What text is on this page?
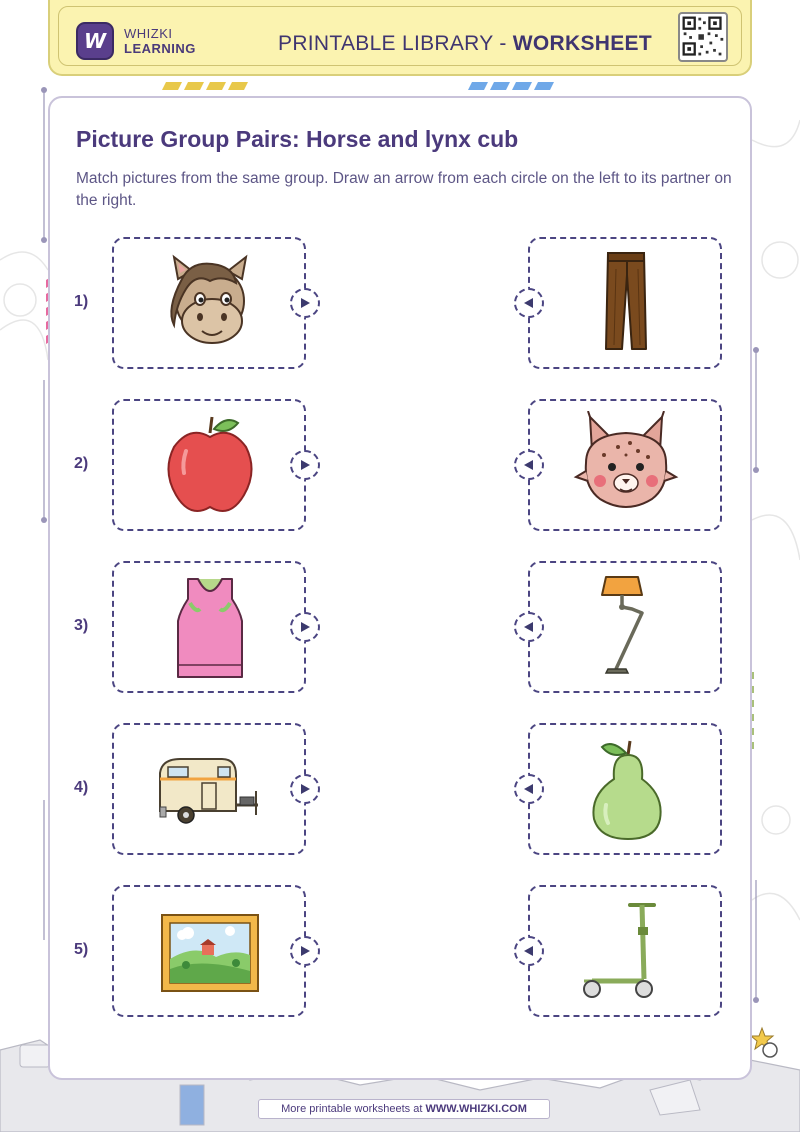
W WHIZKI
LEARNING	PRINTABLE LIBRARY - WORKSHEET
Picture Group Pairs: Horse and lynx cub

Match pictures from the same group. Draw an arrow from each circle on the left to its partner on the right.

1)
2)
3)
4)
5)
More printable worksheets at WWW.WHIZKI.COM
